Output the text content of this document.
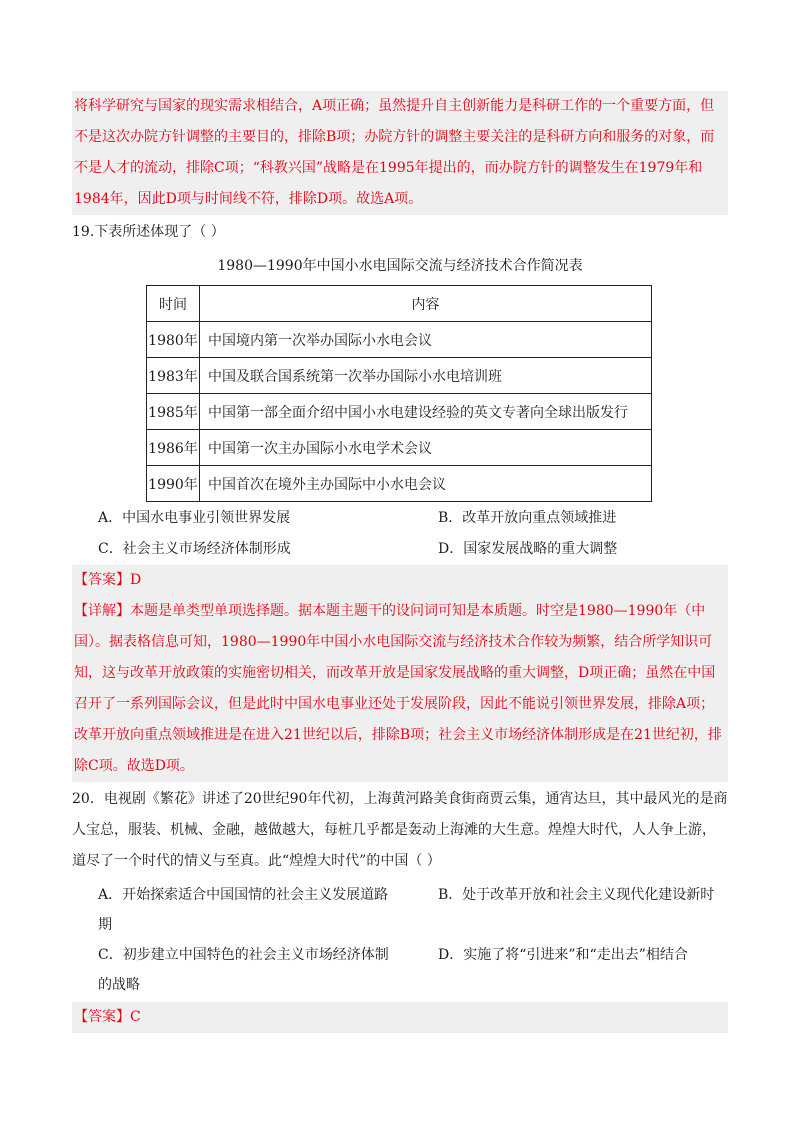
将科学研究与国家的现实需求相结合，A项正确；虽然提升自主创新能力是科研工作的一个重要方面，但不是这次办院方针调整的主要目的，排除B项；办院方针的调整主要关注的是科研方向和服务的对象，而不是人才的流动，排除C项；“科教兴国”战略是在1995年提出的，而办院方针的调整发生在1979年和1984年，因此D项与时间线不符，排除D项。故选A项。

19.下表所述体现了（ ）

1980—1990年中国小水电国际交流与经济技术合作简况表

时间	内容
1980年	中国境内第一次举办国际小水电会议
1983年	中国及联合国系统第一次举办国际小水电培训班
1985年	中国第一部全面介绍中国小水电建设经验的英文专著向全球出版发行
1986年	中国第一次主办国际小水电学术会议
1990年	中国首次在境外主办国际中小水电会议
A．中国水电事业引领世界发展	B．改革开放向重点领域推进
C．社会主义市场经济体制形成	D．国家发展战略的重大调整

【答案】D

【详解】本题是单类型单项选择题。据本题主题干的设问词可知是本质题。时空是1980—1990年（中国）。据表格信息可知，1980—1990年中国小水电国际交流与经济技术合作较为频繁，结合所学知识可知，这与改革开放政策的实施密切相关，而改革开放是国家发展战略的重大调整，D项正确；虽然在中国召开了一系列国际会议，但是此时中国水电事业还处于发展阶段，因此不能说引领世界发展，排除A项；改革开放向重点领域推进是在进入21世纪以后，排除B项；社会主义市场经济体制形成是在21世纪初，排除C项。故选D项。

20．电视剧《繁花》讲述了20世纪90年代初，上海黄河路美食街商贾云集，通宵达旦，其中最风光的是商人宝总，服装、机械、金融，越做越大，每桩几乎都是轰动上海滩的大生意。煌煌大时代，人人争上游，道尽了一个时代的情义与至真。此“煌煌大时代”的中国（ ）

A．开始探索适合中国国情的社会主义发展道路	B．处于改革开放和社会主义现代化建设新时
期
C．初步建立中国特色的社会主义市场经济体制	D．实施了将“引进来”和“走出去”相结合
的战略

【答案】C
